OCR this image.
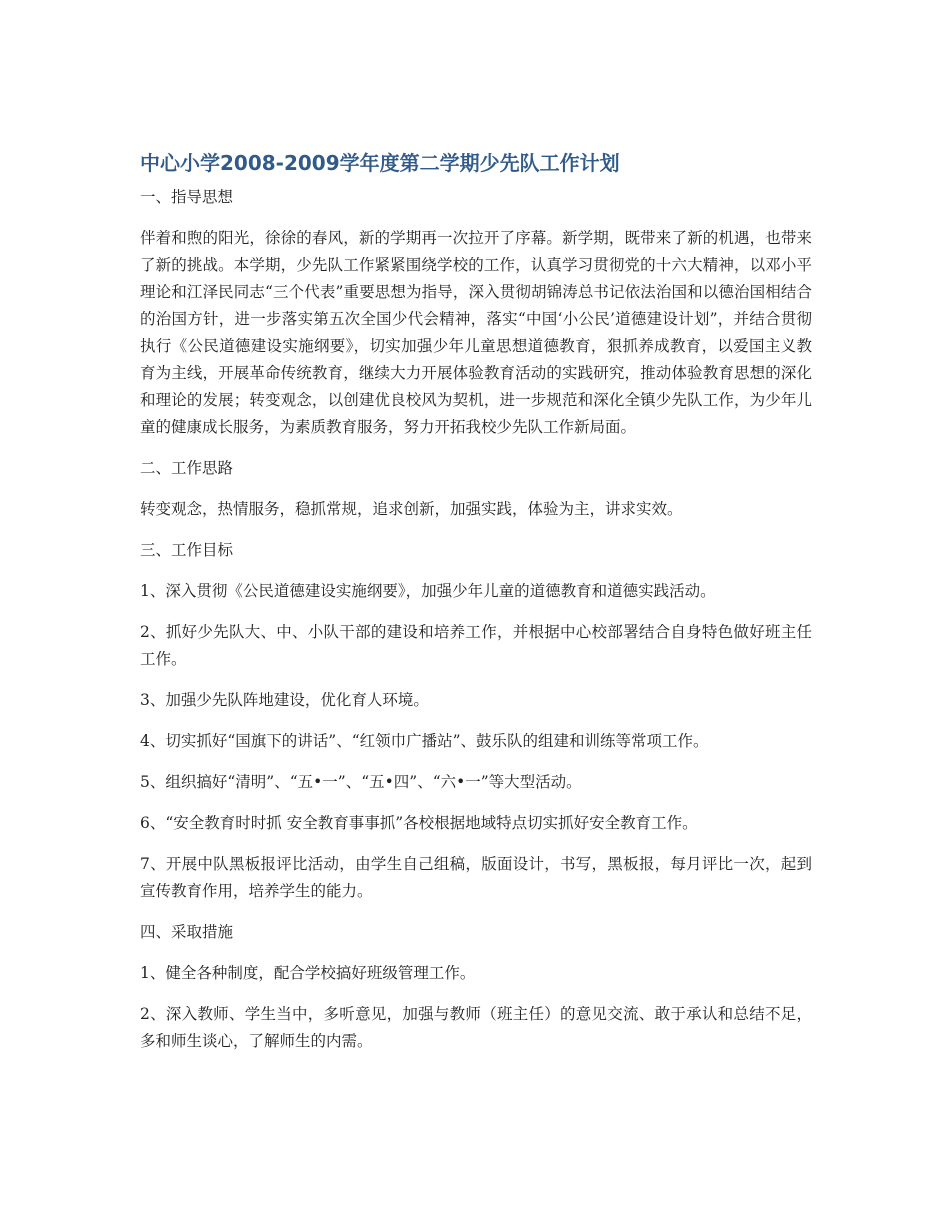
中心小学2008-2009学年度第二学期少先队工作计划

一、指导思想

伴着和煦的阳光，徐徐的春风，新的学期再一次拉开了序幕。新学期，既带来了新的机遇，也带来了新的挑战。本学期，少先队工作紧紧围绕学校的工作，认真学习贯彻党的十六大精神，以邓小平理论和江泽民同志“三个代表”重要思想为指导，深入贯彻胡锦涛总书记依法治国和以德治国相结合的治国方针，进一步落实第五次全国少代会精神，落实“中国‘小公民’道德建设计划”，并结合贯彻执行《公民道德建设实施纲要》，切实加强少年儿童思想道德教育，狠抓养成教育，以爱国主义教育为主线，开展革命传统教育，继续大力开展体验教育活动的实践研究，推动体验教育思想的深化和理论的发展；转变观念，以创建优良校风为契机，进一步规范和深化全镇少先队工作，为少年儿童的健康成长服务，为素质教育服务，努力开拓我校少先队工作新局面。

二、工作思路

转变观念，热情服务，稳抓常规，追求创新，加强实践，体验为主，讲求实效。

三、工作目标

1、深入贯彻《公民道德建设实施纲要》，加强少年儿童的道德教育和道德实践活动。

2、抓好少先队大、中、小队干部的建设和培养工作，并根据中心校部署结合自身特色做好班主任工作。

3、加强少先队阵地建设，优化育人环境。

4、切实抓好“国旗下的讲话”、“红领巾广播站”、鼓乐队的组建和训练等常项工作。

5、组织搞好“清明”、“五•一”、“五•四”、“六•一”等大型活动。

6、“安全教育时时抓 安全教育事事抓”各校根据地域特点切实抓好安全教育工作。

7、开展中队黑板报评比活动，由学生自己组稿，版面设计，书写，黑板报，每月评比一次，起到宣传教育作用，培养学生的能力。

四、采取措施

1、健全各种制度，配合学校搞好班级管理工作。

2、深入教师、学生当中，多听意见，加强与教师（班主任）的意见交流、敢于承认和总结不足，多和师生谈心，了解师生的内需。
